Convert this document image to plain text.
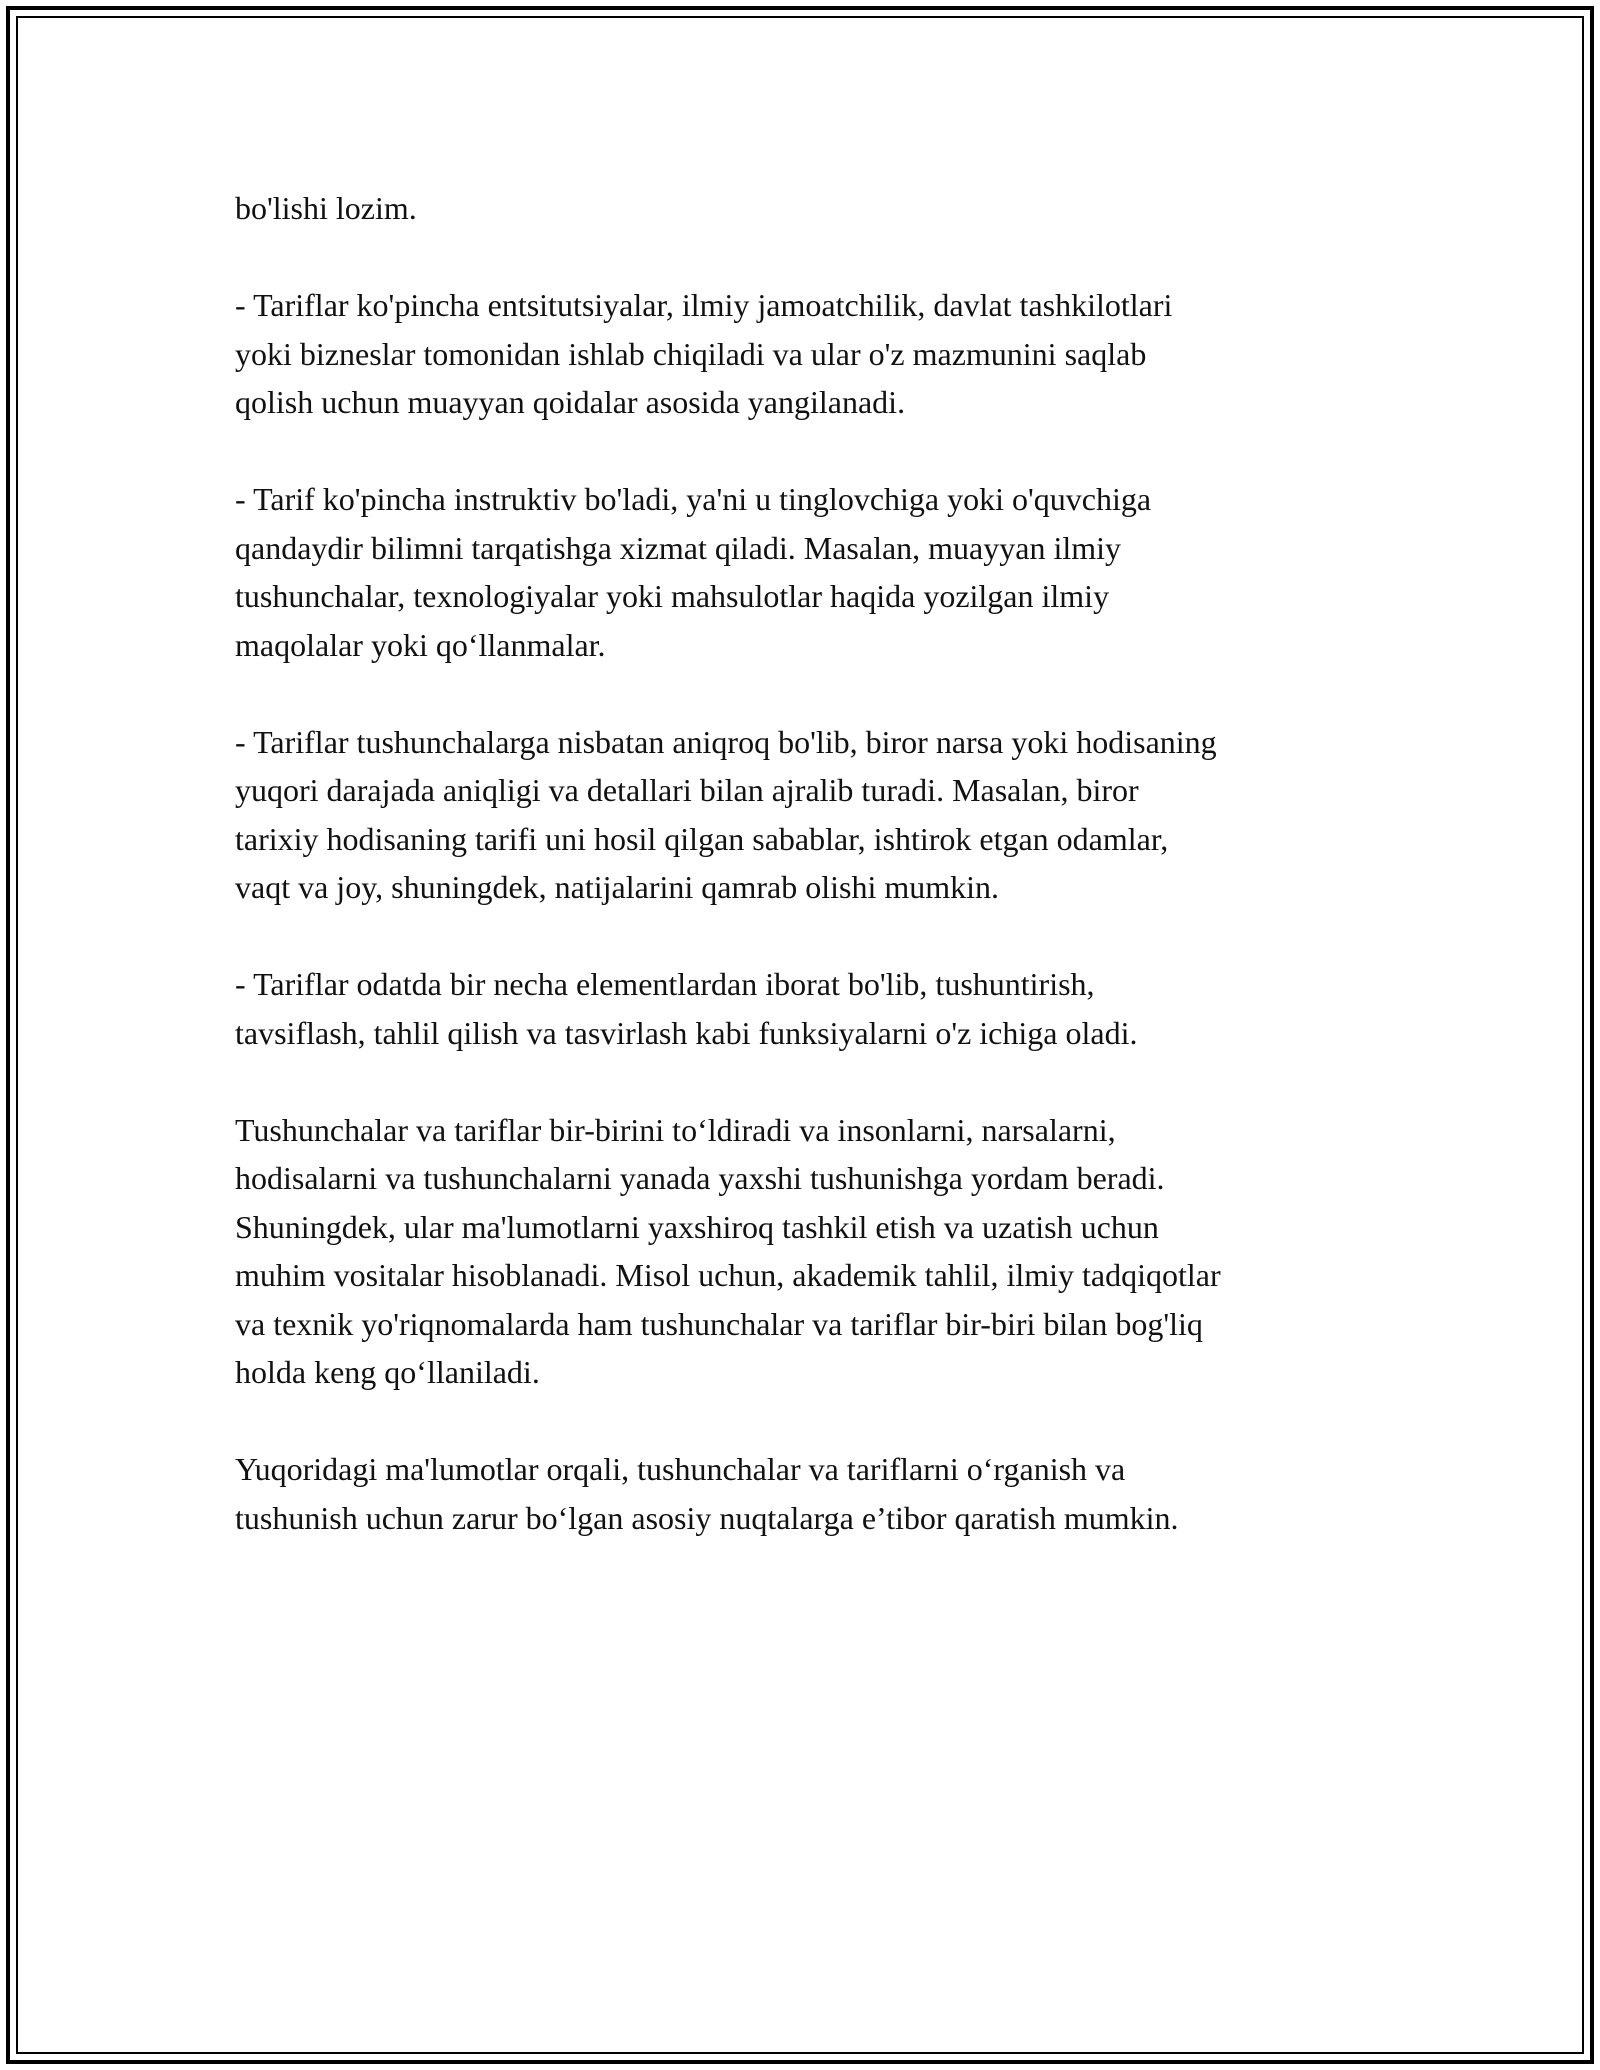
bo'lishi lozim.

- Tariflar ko'pincha entsitutsiyalar, ilmiy jamoatchilik, davlat tashkilotlari
yoki bizneslar tomonidan ishlab chiqiladi va ular o'z mazmunini saqlab
qolish uchun muayyan qoidalar asosida yangilanadi.

- Tarif ko'pincha instruktiv bo'ladi, ya'ni u tinglovchiga yoki o'quvchiga
qandaydir bilimni tarqatishga xizmat qiladi. Masalan, muayyan ilmiy
tushunchalar, texnologiyalar yoki mahsulotlar haqida yozilgan ilmiy
maqolalar yoki qo‘llanmalar.

- Tariflar tushunchalarga nisbatan aniqroq bo'lib, biror narsa yoki hodisaning
yuqori darajada aniqligi va detallari bilan ajralib turadi. Masalan, biror
tarixiy hodisaning tarifi uni hosil qilgan sabablar, ishtirok etgan odamlar,
vaqt va joy, shuningdek, natijalarini qamrab olishi mumkin.

- Tariflar odatda bir necha elementlardan iborat bo'lib, tushuntirish,
tavsiflash, tahlil qilish va tasvirlash kabi funksiyalarni o'z ichiga oladi.

Tushunchalar va tariflar bir-birini to‘ldiradi va insonlarni, narsalarni,
hodisalarni va tushunchalarni yanada yaxshi tushunishga yordam beradi.
Shuningdek, ular ma'lumotlarni yaxshiroq tashkil etish va uzatish uchun
muhim vositalar hisoblanadi. Misol uchun, akademik tahlil, ilmiy tadqiqotlar
va texnik yo'riqnomalarda ham tushunchalar va tariflar bir-biri bilan bog'liq
holda keng qo‘llaniladi.

Yuqoridagi ma'lumotlar orqali, tushunchalar va tariflarni o‘rganish va
tushunish uchun zarur bo‘lgan asosiy nuqtalarga e’tibor qaratish mumkin.
